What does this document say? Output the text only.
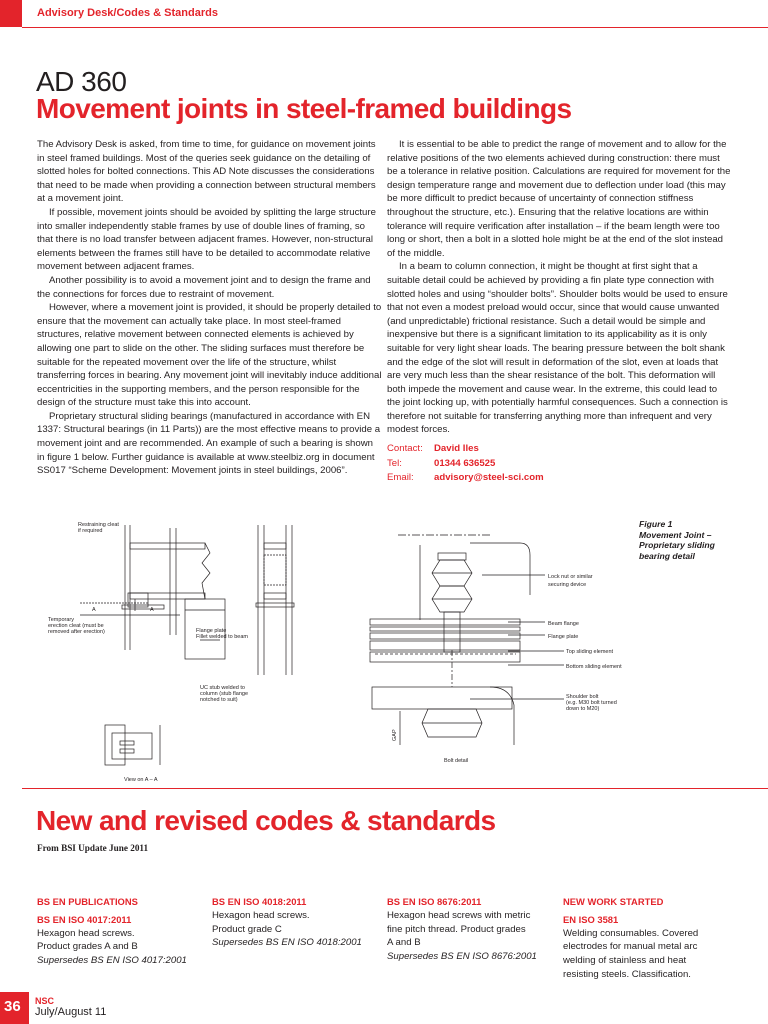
Advisory Desk/Codes & Standards
AD 360
Movement joints in steel-framed buildings

The Advisory Desk is asked, from time to time, for guidance on movement joints in steel framed buildings. Most of the queries seek guidance on the detailing of slotted holes for bolted connections. This AD Note discusses the considerations that need to be made when providing a connection between structural members at a movement joint.

If possible, movement joints should be avoided by splitting the large structure into smaller independently stable frames by use of double lines of framing, so that there is no load transfer between adjacent frames. However, non-structural elements between the frames still have to be detailed to accommodate relative movement between adjacent frames.

Another possibility is to avoid a movement joint and to design the frame and the connections for forces due to restraint of movement.

However, where a movement joint is provided, it should be properly detailed to ensure that the movement can actually take place. In most steel-framed structures, relative movement between connected elements is achieved by allowing one part to slide on the other. The sliding surfaces must therefore be suitable for the repeated movement over the life of the structure, whilst transferring forces in bearing. Any movement joint will inevitably induce additional eccentricities in the supporting members, and the person responsible for the design of the structure must take this into account.

Proprietary structural sliding bearings (manufactured in accordance with EN 1337: Structural bearings (in 11 Parts)) are the most effective means to provide a movement joint and are recommended. An example of such a bearing is shown in figure 1 below. Further guidance is available at www.steelbiz.org in document SS017 “Scheme Development: Movement joints in steel buildings, 2006”.

It is essential to be able to predict the range of movement and to allow for the relative positions of the two elements achieved during construction: there must be a tolerance in relative position. Calculations are required for movement for the design temperature range and movement due to deflection under load (this may be more difficult to predict because of uncertainty of connection stiffness throughout the structure, etc.). Ensuring that the relative locations are within tolerance will require verification after installation – if the beam length were too long or short, then a bolt in a slotted hole might be at the end of the slot instead of the middle.

In a beam to column connection, it might be thought at first sight that a suitable detail could be achieved by providing a fin plate type connection with slotted holes and using “shoulder bolts”. Shoulder bolts would be used to ensure that not even a modest preload would occur, since that would cause unwanted (and unpredictable) frictional resistance. Such a detail would be simple and inexpensive but there is a significant limitation to its applicability as it is only suitable for very light shear loads. The bearing pressure between the bolt shank and the edge of the slot will result in deformation of the slot, even at loads that are very much less than the shear resistance of the bolt. This deformation will both impede the movement and cause wear. In the extreme, this could lead to the joint locking up, with potentially harmful consequences. Such a connection is therefore not suitable for transferring anything more than infrequent and very modest forces.

Contact:	David Iles
Tel:	01344 636525
Email:	advisory@steel-sci.com
Figure 1
Movement Joint –
Proprietary sliding
bearing detail
Restraining cleat
if required
Temporary
erection cleat (must be
removed after erection)
A	A
Flange plate
Fillet welded to beam
UC stub welded to
column (stub flange
notched to suit)
View on A – A
Lock nut or similar
securing device
Beam flange
Flange plate
Top sliding element
Bottom sliding element
Shoulder bolt
(e.g. M30 bolt turned
down to M20)
GAP
Bolt detail
New and revised codes & standards
From BSI Update June 2011
BS EN PUBLICATIONS
BS EN ISO 4017:2011
Hexagon head screws.
Product grades A and B
Supersedes BS EN ISO 4017:2001
BS EN ISO 4018:2011
Hexagon head screws.
Product grade C
Supersedes BS EN ISO 4018:2001
BS EN ISO 8676:2011
Hexagon head screws with metric
fine pitch thread. Product grades
A and B
Supersedes BS EN ISO 8676:2001
NEW WORK STARTED
EN ISO 3581
Welding consumables. Covered
electrodes for manual metal arc
welding of stainless and heat
resisting steels. Classification.
36 NSC
July/August 11
